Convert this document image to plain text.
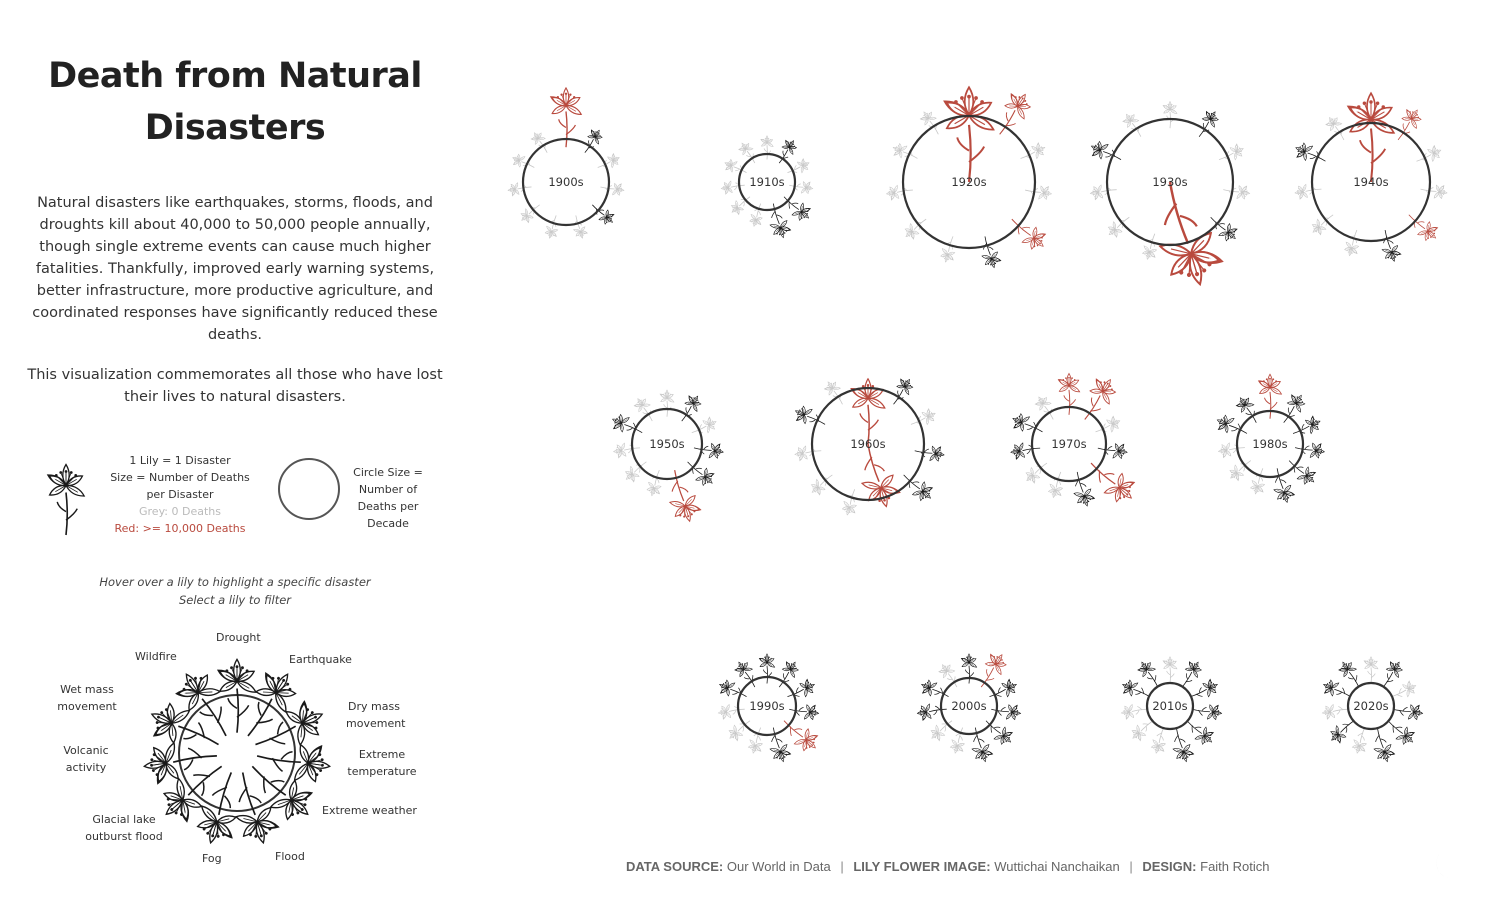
Death from Natural Disasters
Natural disasters like earthquakes, storms, floods, and droughts kill about 40,000 to 50,000 people annually, though single extreme events can cause much higher fatalities. Thankfully, improved early warning systems, better infrastructure, more productive agriculture, and coordinated responses have significantly reduced these deaths.
This visualization commemorates all those who have lost their lives to natural disasters.
1 Lily = 1 Disaster
Size = Number of Deaths per Disaster
Grey: 0 Deaths
Red: >= 10,000 Deaths
Circle Size = Number of Deaths per Decade
Hover over a lily to highlight a specific disaster
Select a lily to filter
Drought
Earthquake
Dry mass movement
Extreme temperature
Extreme weather
Flood
Fog
Glacial lake outburst flood
Volcanic activity
Wet mass movement
Wildfire
1900s	1910s	1920s	1930s	1940s
1950s	1960s	1970s	1980s
1990s	2000s	2010s	2020s
DATA SOURCE: Our World in Data | LILY FLOWER IMAGE: Wuttichai Nanchaikan | DESIGN: Faith Rotich
